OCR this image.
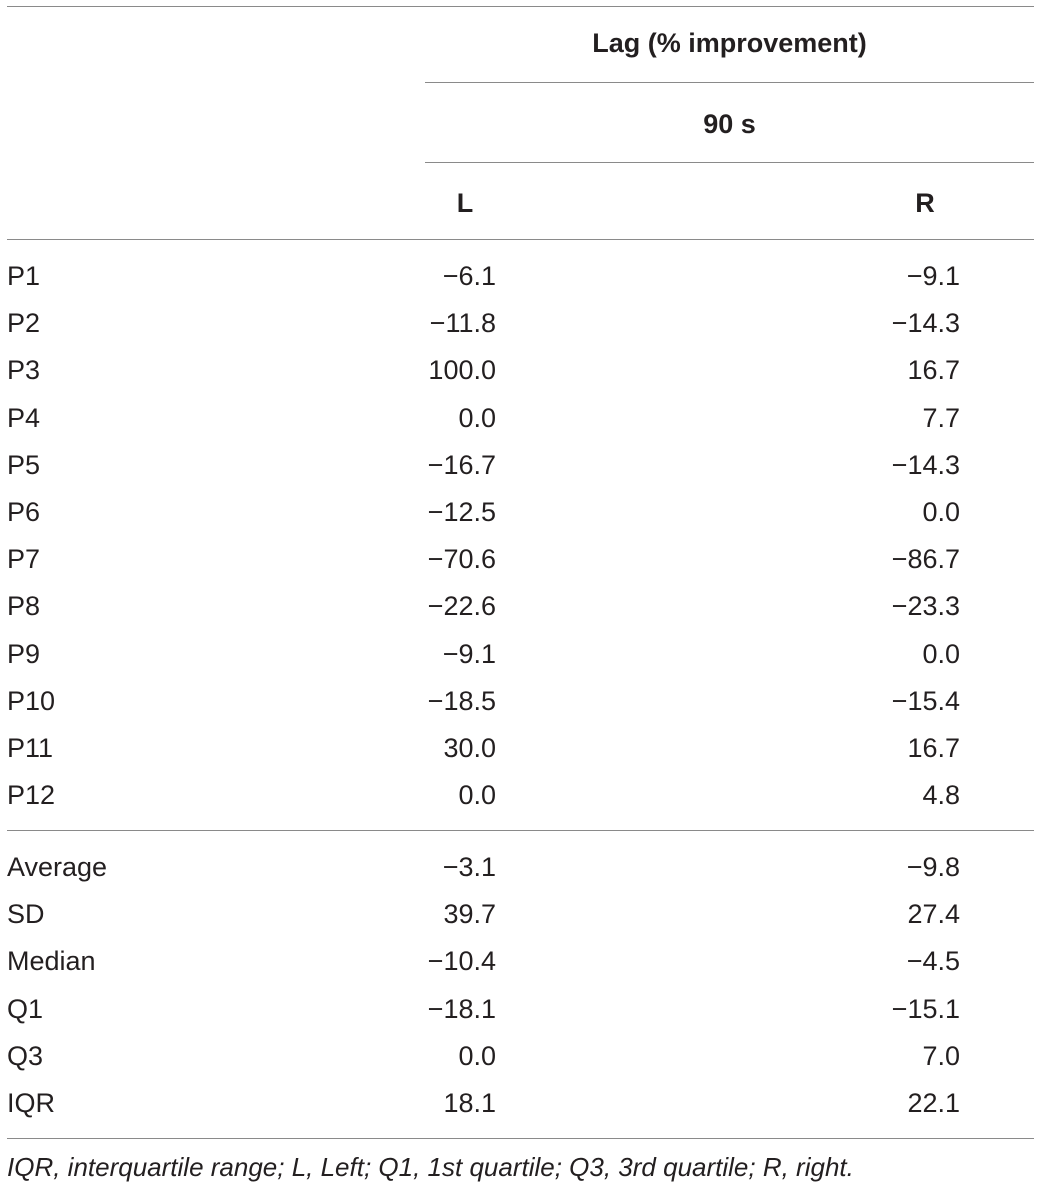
Lag (% improvement)
90 s
L	R
P1	−6.1	−9.1
P2	−11.8	−14.3
P3	100.0	16.7
P4	0.0	7.7
P5	−16.7	−14.3
P6	−12.5	0.0
P7	−70.6	−86.7
P8	−22.6	−23.3
P9	−9.1	0.0
P10	−18.5	−15.4
P11	30.0	16.7
P12	0.0	4.8
Average	−3.1	−9.8
SD	39.7	27.4
Median	−10.4	−4.5
Q1	−18.1	−15.1
Q3	0.0	7.0
IQR	18.1	22.1
IQR, interquartile range; L, Left; Q1, 1st quartile; Q3, 3rd quartile; R, right.
